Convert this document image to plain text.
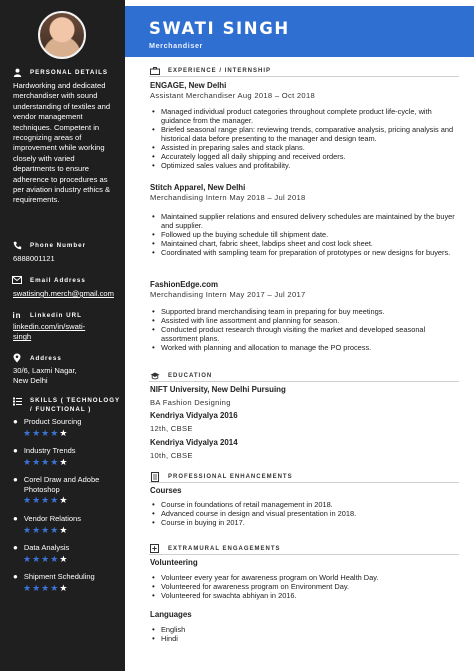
PERSONAL DETAILS
Hardworking and dedicated merchandiser with sound understanding of textiles and vendor management techniques. Competent in recognizing areas of improvement while working closely with varied departments to ensure adherence to procedures as per aviation industry ethics & requirements.
Phone Number
6888001121
Email Address
swatisingh.merch@gmail.com
in Linkedin URL
linkedin.com/in/swati-
singh
Address
30/6, Laxmi Nagar,
New Delhi
SKILLS ( TECHNOLOGY
/ FUNCTIONAL )
● Product Sourcing
★ ★ ★ ★ ★
● Industry Trends
★ ★ ★ ★ ★
● Corel Draw and Adobe Photoshop
★ ★ ★ ★ ★
● Vendor Relations
★ ★ ★ ★ ★
● Data Analysis
★ ★ ★ ★ ★
● Shipment Scheduling
★ ★ ★ ★ ★
SWATI SINGH
Merchandiser
EXPERIENCE / INTERNSHIP
ENGAGE, New Delhi
Assistant Merchandiser Aug 2018 – Oct 2018
• Managed individual product categories throughout complete product life-cycle, with guidance from the manager.
• Briefed seasonal range plan: reviewing trends, comparative analysis, pricing analysis and historical data before presenting to the manager and design team.
• Assisted in preparing sales and stack plans.
• Accurately logged all daily shipping and received orders.
• Optimized sales values and profitability.
Stitch Apparel, New Delhi
Merchandising Intern May 2018 – Jul 2018
• Maintained supplier relations and ensured delivery schedules are maintained by the buyer and supplier.
• Followed up the buying schedule till shipment date.
• Maintained chart, fabric sheet, labdips sheet and cost lock sheet.
• Coordinated with sampling team for preparation of prototypes or new designs for buyers.
FashionEdge.com
Merchandising Intern May 2017 – Jul 2017
• Supported brand merchandising team in preparing for buy meetings.
• Assisted with line assortment and planning for season.
• Conducted product research through visiting the market and developed seasonal assortment plans.
• Worked with planning and allocation to manage the PO process.
EDUCATION
NIFT University, New Delhi Pursuing
BA Fashion Designing
Kendriya Vidyalya 2016
12th, CBSE
Kendriya Vidyalya 2014
10th, CBSE
PROFESSIONAL ENHANCEMENTS
Courses
• Course in foundations of retail management in 2018.
• Advanced course in design and visual presentation in 2018.
• Course in buying in 2017.
EXTRAMURAL ENGAGEMENTS
Volunteering
• Volunteer every year for awareness program on World Health Day.
• Volunteered for awareness program on Environment Day.
• Volunteered for swachta abhiyan in 2016.
Languages
• English
• Hindi
